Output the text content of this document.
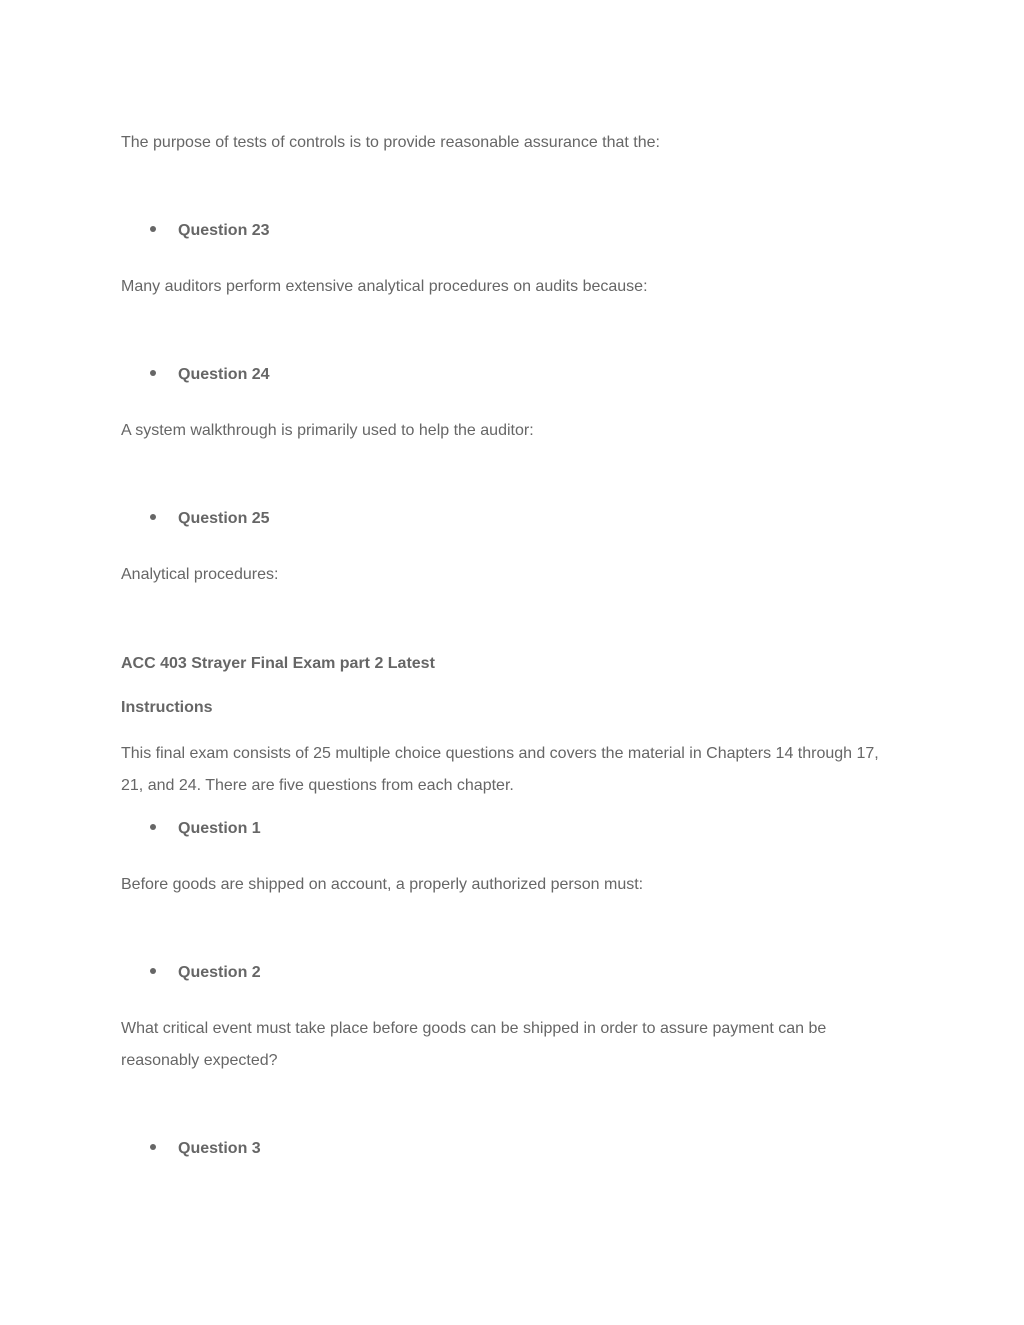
The purpose of tests of controls is to provide reasonable assurance that the:

Question 23

Many auditors perform extensive analytical procedures on audits because:

Question 24

A system walkthrough is primarily used to help the auditor:

Question 25

Analytical procedures:

ACC 403 Strayer Final Exam part 2 Latest

Instructions

This final exam consists of 25 multiple choice questions and covers the material in Chapters 14 through 17, 21, and 24. There are five questions from each chapter.

Question 1

Before goods are shipped on account, a properly authorized person must:

Question 2

What critical event must take place before goods can be shipped in order to assure payment can be reasonably expected?

Question 3
